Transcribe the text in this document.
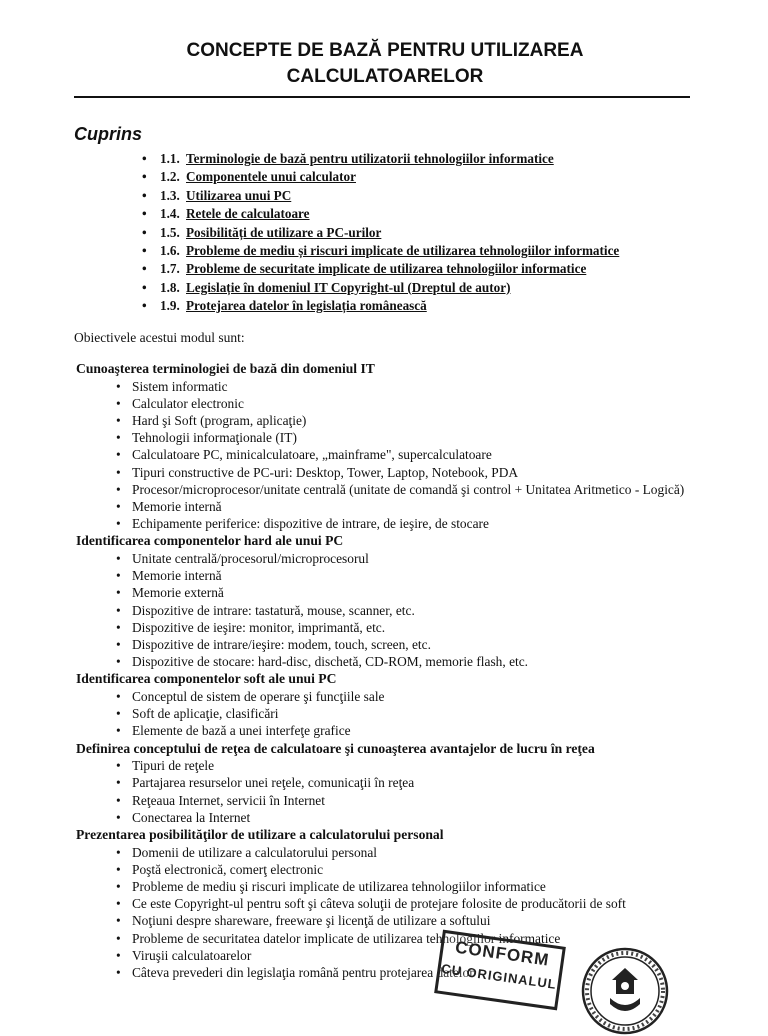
CONCEPTE DE BAZĂ PENTRU UTILIZAREA
CALCULATOARELOR
Cuprins
• 1.1. Terminologie de bază pentru utilizatorii tehnologiilor informatice
• 1.2. Componentele unui calculator
• 1.3. Utilizarea unui PC
• 1.4. Retele de calculatoare
• 1.5. Posibilități de utilizare a PC-urilor
• 1.6. Probleme de mediu și riscuri implicate de utilizarea tehnologiilor informatice
• 1.7. Probleme de securitate implicate de utilizarea tehnologiilor informatice
• 1.8. Legislație în domeniul IT Copyright-ul (Dreptul de autor)
• 1.9. Protejarea datelor în legislația românească
Obiectivele acestui modul sunt:
Cunoaşterea terminologiei de bază din domeniul IT
• Sistem informatic
• Calculator electronic
• Hard şi Soft (program, aplicaţie)
• Tehnologii informaţionale (IT)
• Calculatoare PC, minicalculatoare, „mainframe", supercalculatoare
• Tipuri constructive de PC-uri: Desktop, Tower, Laptop, Notebook, PDA
• Procesor/microprocesor/unitate centrală (unitate de comandă şi control + Unitatea Aritmetico - Logică)
• Memorie internă
• Echipamente periferice: dispozitive de intrare, de ieşire, de stocare
Identificarea componentelor hard ale unui PC
• Unitate centrală/procesorul/microprocesorul
• Memorie internă
• Memorie externă
• Dispozitive de intrare: tastatură, mouse, scanner, etc.
• Dispozitive de ieşire: monitor, imprimantă, etc.
• Dispozitive de intrare/ieşire: modem, touch, screen, etc.
• Dispozitive de stocare: hard-disc, dischetă, CD-ROM, memorie flash, etc.
Identificarea componentelor soft ale unui PC
• Conceptul de sistem de operare şi funcţiile sale
• Soft de aplicaţie, clasificări
• Elemente de bază a unei interfeţe grafice
Definirea conceptului de reţea de calculatoare şi cunoaşterea avantajelor de lucru în reţea
• Tipuri de reţele
• Partajarea resurselor unei reţele, comunicaţii în reţea
• Reţeaua Internet, servicii în Internet
• Conectarea la Internet
Prezentarea posibilităţilor de utilizare a calculatorului personal
• Domenii de utilizare a calculatorului personal
• Poştă electronică, comerţ electronic
• Probleme de mediu şi riscuri implicate de utilizarea tehnologiilor informatice
• Ce este Copyright-ul pentru soft şi câteva soluţii de protejare folosite de producătorii de soft
• Noţiuni despre shareware, freeware şi licenţă de utilizare a softului
• Probleme de securitatea datelor implicate de utilizarea tehnologiilor informatice
• Viruşii calculatoarelor
• Câteva prevederi din legislaţia română pentru protejarea datelor
CONFORM
CU ORIGINALUL
